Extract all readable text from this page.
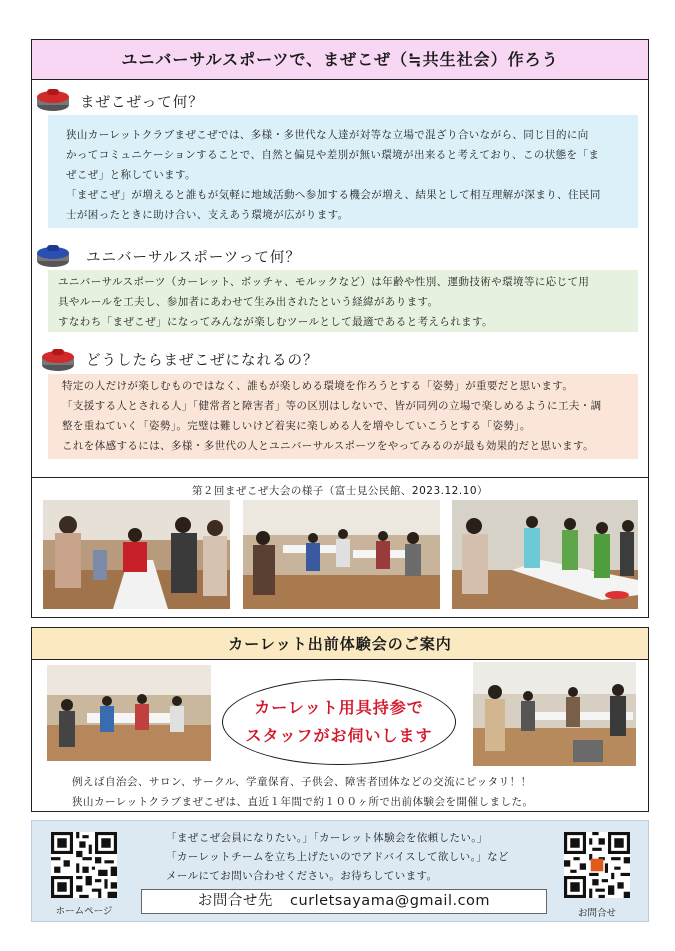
ユニバーサルスポーツで、まぜこぜ（≒共生社会）作ろう
まぜこぜって何？

狭山カーレットクラブまぜこぜでは、多様・多世代な人達が対等な立場で混ざり合いながら、同じ目的に向

かってコミュニケーションすることで、自然と偏見や差別が無い環境が出来ると考えており、この状態を「ま

ぜこぜ」と称しています。

「まぜこぜ」が増えると誰もが気軽に地域活動へ参加する機会が増え、結果として相互理解が深まり、住民同

士が困ったときに助け合い、支えあう環境が広がります。

ユニバーサルスポーツって何？

ユニバーサルスポーツ（カーレット、ボッチャ、モルックなど）は年齢や性別、運動技術や環境等に応じて用

具やルールを工夫し、参加者にあわせて生み出されたという経緯があります。

すなわち「まぜこぜ」になってみんなが楽しむツールとして最適であると考えられます。

どうしたらまぜこぜになれるの？

特定の人だけが楽しむものではなく、誰もが楽しめる環境を作ろうとする「姿勢」が重要だと思います。

「支援する人とされる人」「健常者と障害者」等の区別はしないで、皆が同列の立場で楽しめるように工夫・調

整を重ねていく「姿勢」。完璧は難しいけど着実に楽しめる人を増やしていこうとする「姿勢」。

これを体感するには、多様・多世代の人とユニバーサルスポーツをやってみるのが最も効果的だと思います。

第２回まぜこぜ大会の様子（富士見公民館、2023.12.10）
カーレット出前体験会のご案内
カーレット用具持参で
スタッフがお伺いします
例えば自治会、サロン、サークル、学童保育、子供会、障害者団体などの交流にピッタリ！！
狭山カーレットクラブまぜこぜは、直近１年間で約１００ヶ所で出前体験会を開催しました。
ホームページ
「まぜこぜ会員になりたい。」「カーレット体験会を依頼したい。」
「カーレットチームを立ち上げたいのでアドバイスして欲しい。」など
メールにてお問い合わせください。お待ちしています。
お問合せ先 curletsayama@gmail.com
お問合せ
